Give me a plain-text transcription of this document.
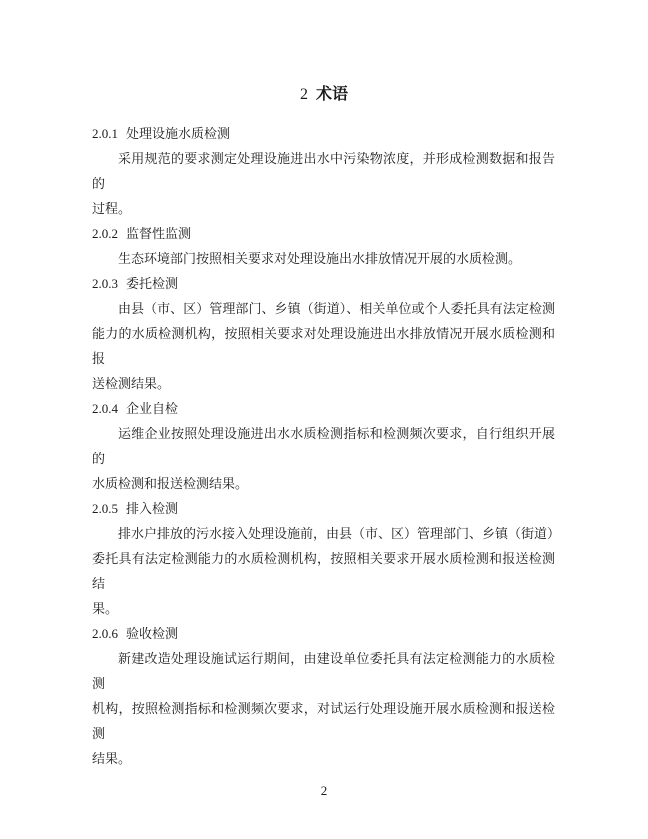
2 术语
2.0.1 处理设施水质检测
采用规范的要求测定处理设施进出水中污染物浓度，并形成检测数据和报告的
过程。
2.0.2 监督性监测
生态环境部门按照相关要求对处理设施出水排放情况开展的水质检测。
2.0.3 委托检测
由县（市、区）管理部门、乡镇（街道）、相关单位或个人委托具有法定检测
能力的水质检测机构，按照相关要求对处理设施进出水排放情况开展水质检测和报
送检测结果。
2.0.4 企业自检
运维企业按照处理设施进出水水质检测指标和检测频次要求，自行组织开展的
水质检测和报送检测结果。
2.0.5 排入检测
排水户排放的污水接入处理设施前，由县（市、区）管理部门、乡镇（街道）
委托具有法定检测能力的水质检测机构，按照相关要求开展水质检测和报送检测结
果。
2.0.6 验收检测
新建改造处理设施试运行期间，由建设单位委托具有法定检测能力的水质检测
机构，按照检测指标和检测频次要求，对试运行处理设施开展水质检测和报送检测
结果。
2
